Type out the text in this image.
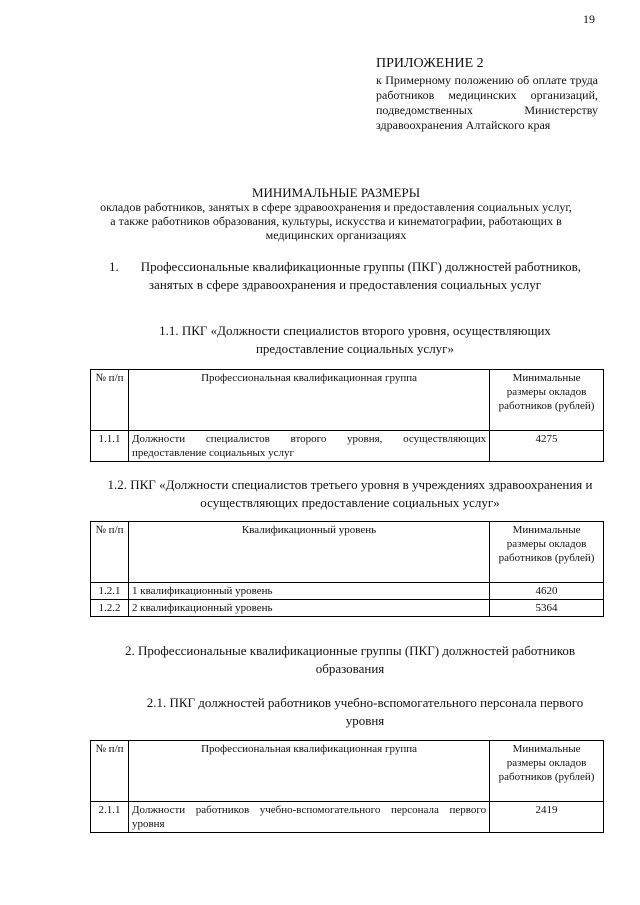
19
ПРИЛОЖЕНИЕ 2
к Примерному положению об оплате труда работников медицинских организаций, подведомственных Министерству здравоохранения Алтайского края
МИНИМАЛЬНЫЕ РАЗМЕРЫ
окладов работников, занятых в сфере здравоохранения и предоставления социальных услуг, а также работников образования, культуры, искусства и кинематографии, работающих в медицинских организациях
1. Профессиональные квалификационные группы (ПКГ) должностей работников, занятых в сфере здравоохранения и предоставления социальных услуг
1.1. ПКГ «Должности специалистов второго уровня, осуществляющих предоставление социальных услуг»
№ п/п	Профессиональная квалификационная группа	Минимальные размеры окладов работников (рублей)
1.1.1	Должности специалистов второго уровня, осуществляющих предоставление социальных услуг	4275
1.2. ПКГ «Должности специалистов третьего уровня в учреждениях здравоохранения и осуществляющих предоставление социальных услуг»
№ п/п	Квалификационный уровень	Минимальные размеры окладов работников (рублей)
1.2.1	1 квалификационный уровень	4620
1.2.2	2 квалификационный уровень	5364
2. Профессиональные квалификационные группы (ПКГ) должностей работников образования
2.1. ПКГ должностей работников учебно-вспомогательного персонала первого уровня
№ п/п	Профессиональная квалификационная группа	Минимальные размеры окладов работников (рублей)
2.1.1	Должности работников учебно-вспомогательного персонала первого уровня	2419
